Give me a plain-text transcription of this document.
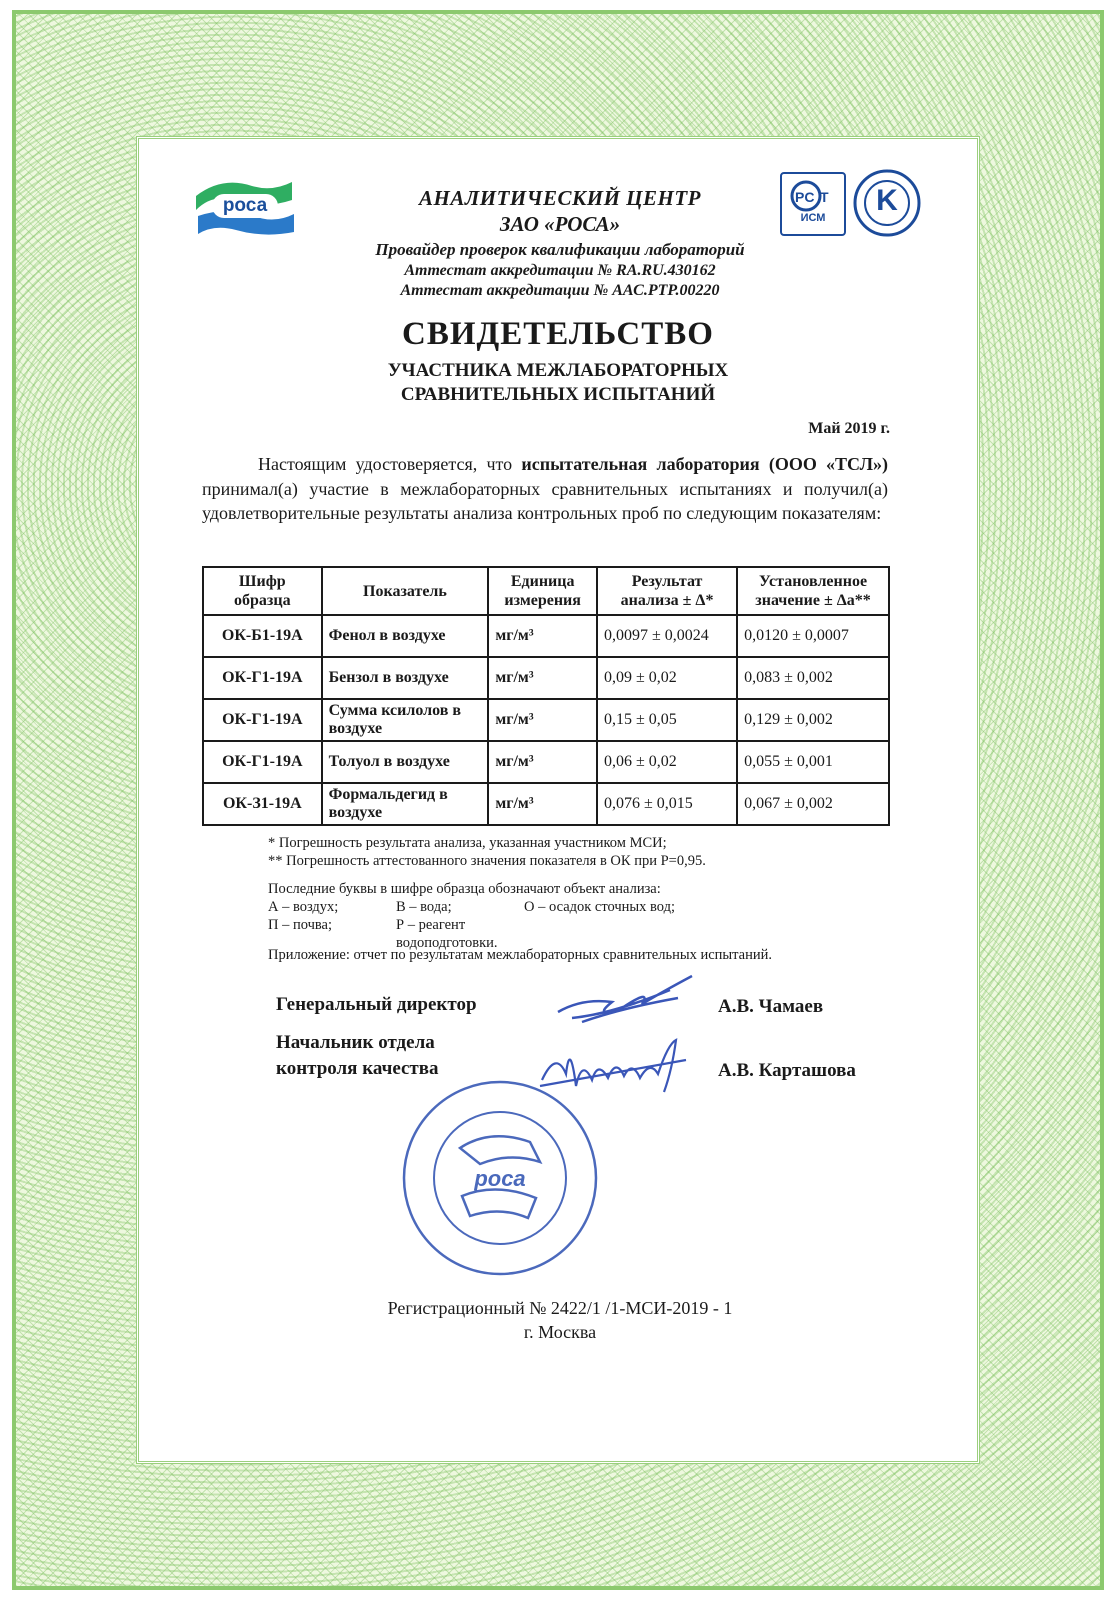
роса	АНАЛИТИЧЕСКИЙ ЦЕНТР
ЗАО «РОСА»
Провайдер проверок квалификации лабораторий
Аттестат аккредитации № RA.RU.430162
Аттестат аккредитации № ААС.РТР.00220
PC T
ИСМ
K
СВИДЕТЕЛЬСТВО
УЧАСТНИКА МЕЖЛАБОРАТОРНЫХ
СРАВНИТЕЛЬНЫХ ИСПЫТАНИЙ
Май 2019 г.
Настоящим удостоверяется, что испытательная лаборатория (ООО «ТСЛ») принимал(а) участие в межлабораторных сравнительных испытаниях и получил(а) удовлетворительные результаты анализа контрольных проб по следующим показателям:
Шифр образца	Показатель	Единица измерения	Результат анализа ± Δ*	Установленное значение ± Δa**
ОК-Б1-19А	Фенол в воздухе	мг/м³	0,0097 ± 0,0024	0,0120 ± 0,0007
ОК-Г1-19А	Бензол в воздухе	мг/м³	0,09 ± 0,02	0,083 ± 0,002
ОК-Г1-19А	Сумма ксилолов в воздухе	мг/м³	0,15 ± 0,05	0,129 ± 0,002
ОК-Г1-19А	Толуол в воздухе	мг/м³	0,06 ± 0,02	0,055 ± 0,001
ОК-З1-19А	Формальдегид в воздухе	мг/м³	0,076 ± 0,015	0,067 ± 0,002
* Погрешность результата анализа, указанная участником МСИ;
** Погрешность аттестованного значения показателя в ОК при Р=0,95.
Последние буквы в шифре образца обозначают объект анализа:
А – воздух;	В – вода;	О – осадок сточных вод;
П – почва;	Р – реагент водоподготовки.
Приложение: отчет по результатам межлабораторных сравнительных испытаний.
Генеральный директор
Начальник отдела
контроля качества
А.В. Чамаев
А.В. Карташова
роса
Регистрационный № 2422/1 /1-МСИ-2019 - 1
г. Москва
